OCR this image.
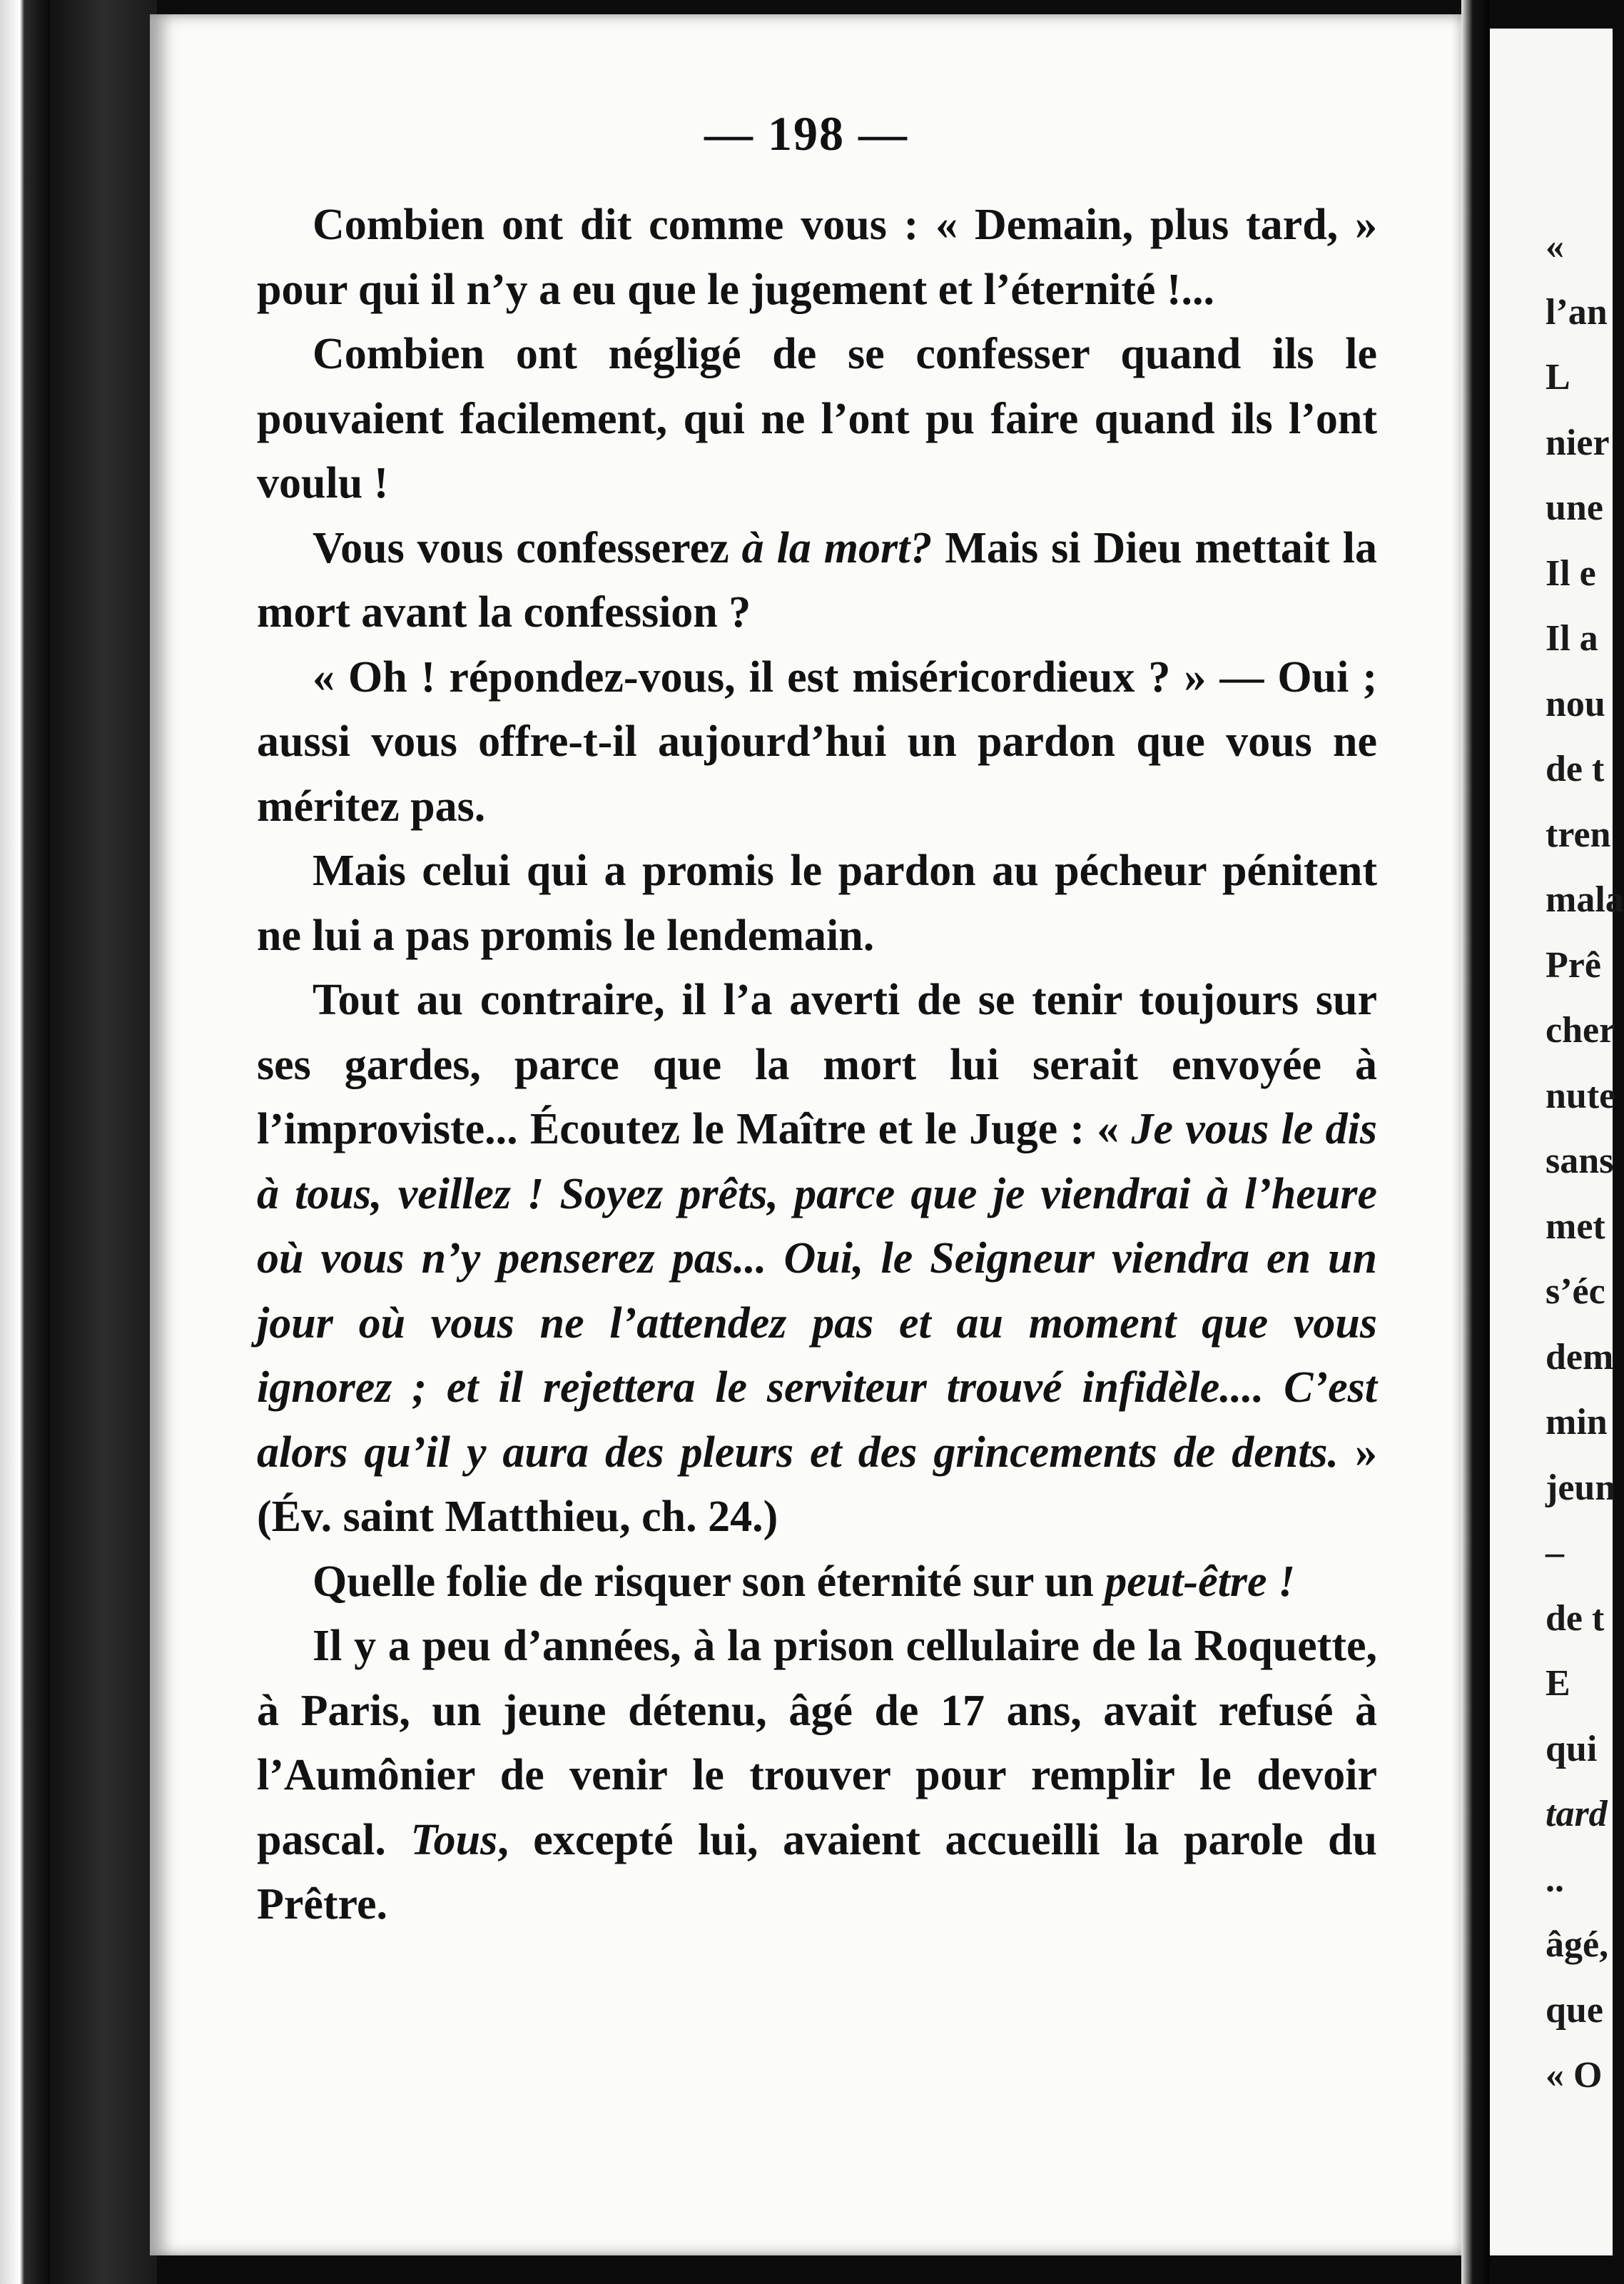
— 198 —

Combien ont dit comme vous : « Demain, plus tard, » pour qui il n’y a eu que le jugement et l’éternité !...

Combien ont négligé de se confesser quand ils le pouvaient facilement, qui ne l’ont pu faire quand ils l’ont voulu !

Vous vous confesserez à la mort? Mais si Dieu mettait la mort avant la confession ?

« Oh ! répondez-vous, il est miséricordieux ? » — Oui ; aussi vous offre-t-il aujourd’hui un pardon que vous ne méritez pas.

Mais celui qui a promis le pardon au pécheur pénitent ne lui a pas promis le lendemain.

Tout au contraire, il l’a averti de se tenir toujours sur ses gardes, parce que la mort lui serait envoyée à l’improviste... Écoutez le Maître et le Juge : « Je vous le dis à tous, veillez ! Soyez prêts, parce que je viendrai à l’heure où vous n’y penserez pas... Oui, le Seigneur viendra en un jour où vous ne l’attendez pas et au moment que vous ignorez ; et il rejettera le serviteur trouvé infidèle.... C’est alors qu’il y aura des pleurs et des grincements de dents. » (Év. saint Matthieu, ch. 24.)

Quelle folie de risquer son éternité sur un peut-être !

Il y a peu d’années, à la prison cellulaire de la Roquette, à Paris, un jeune détenu, âgé de 17 ans, avait refusé à l’Aumônier de venir le trouver pour remplir le devoir pascal. Tous, excepté lui, avaient accueilli la parole du Prêtre.

«
l’an
L
nier
une
Il e
Il a
nou
de t
tren
mala
Prê
cher
nute
sans
met
s’éc
dem
min
jeun
–
de t
E
qui
tard
..
âgé,
que
« O
